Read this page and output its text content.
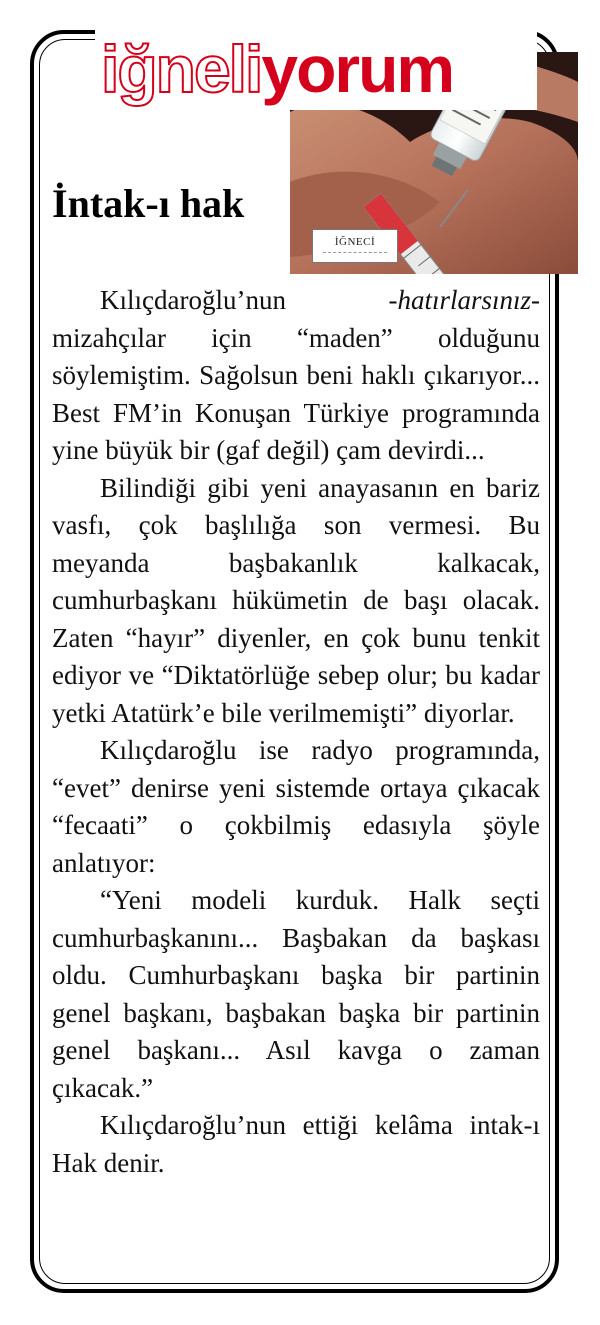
iğneliyorum
İntak-ı hak
İĞNECİ

Kılıçdaroğlu’nun -hatırlarsınız- mizahçılar için “maden” olduğunu söylemiştim. Sağolsun beni haklı çıkarıyor... Best FM’in Konuşan Türkiye programında yine büyük bir (gaf değil) çam devirdi...

Bilindiği gibi yeni anayasanın en bariz vasfı, çok başlılığa son vermesi. Bu meyanda başbakanlık kalkacak, cumhurbaşkanı hükümetin de başı olacak. Zaten “hayır” diyenler, en çok bunu tenkit ediyor ve “Diktatörlüğe sebep olur; bu kadar yetki Atatürk’e bile verilmemişti” diyorlar.

Kılıçdaroğlu ise radyo programında, “evet” denirse yeni sistemde ortaya çıkacak “fecaati” o çokbilmiş edasıyla şöyle anlatıyor:

“Yeni modeli kurduk. Halk seçti cumhurbaşkanını... Başbakan da başkası oldu. Cumhurbaşkanı başka bir partinin genel başkanı, başbakan başka bir partinin genel başkanı... Asıl kavga o zaman çıkacak.”

Kılıçdaroğlu’nun ettiği kelâma intak-ı Hak denir.
